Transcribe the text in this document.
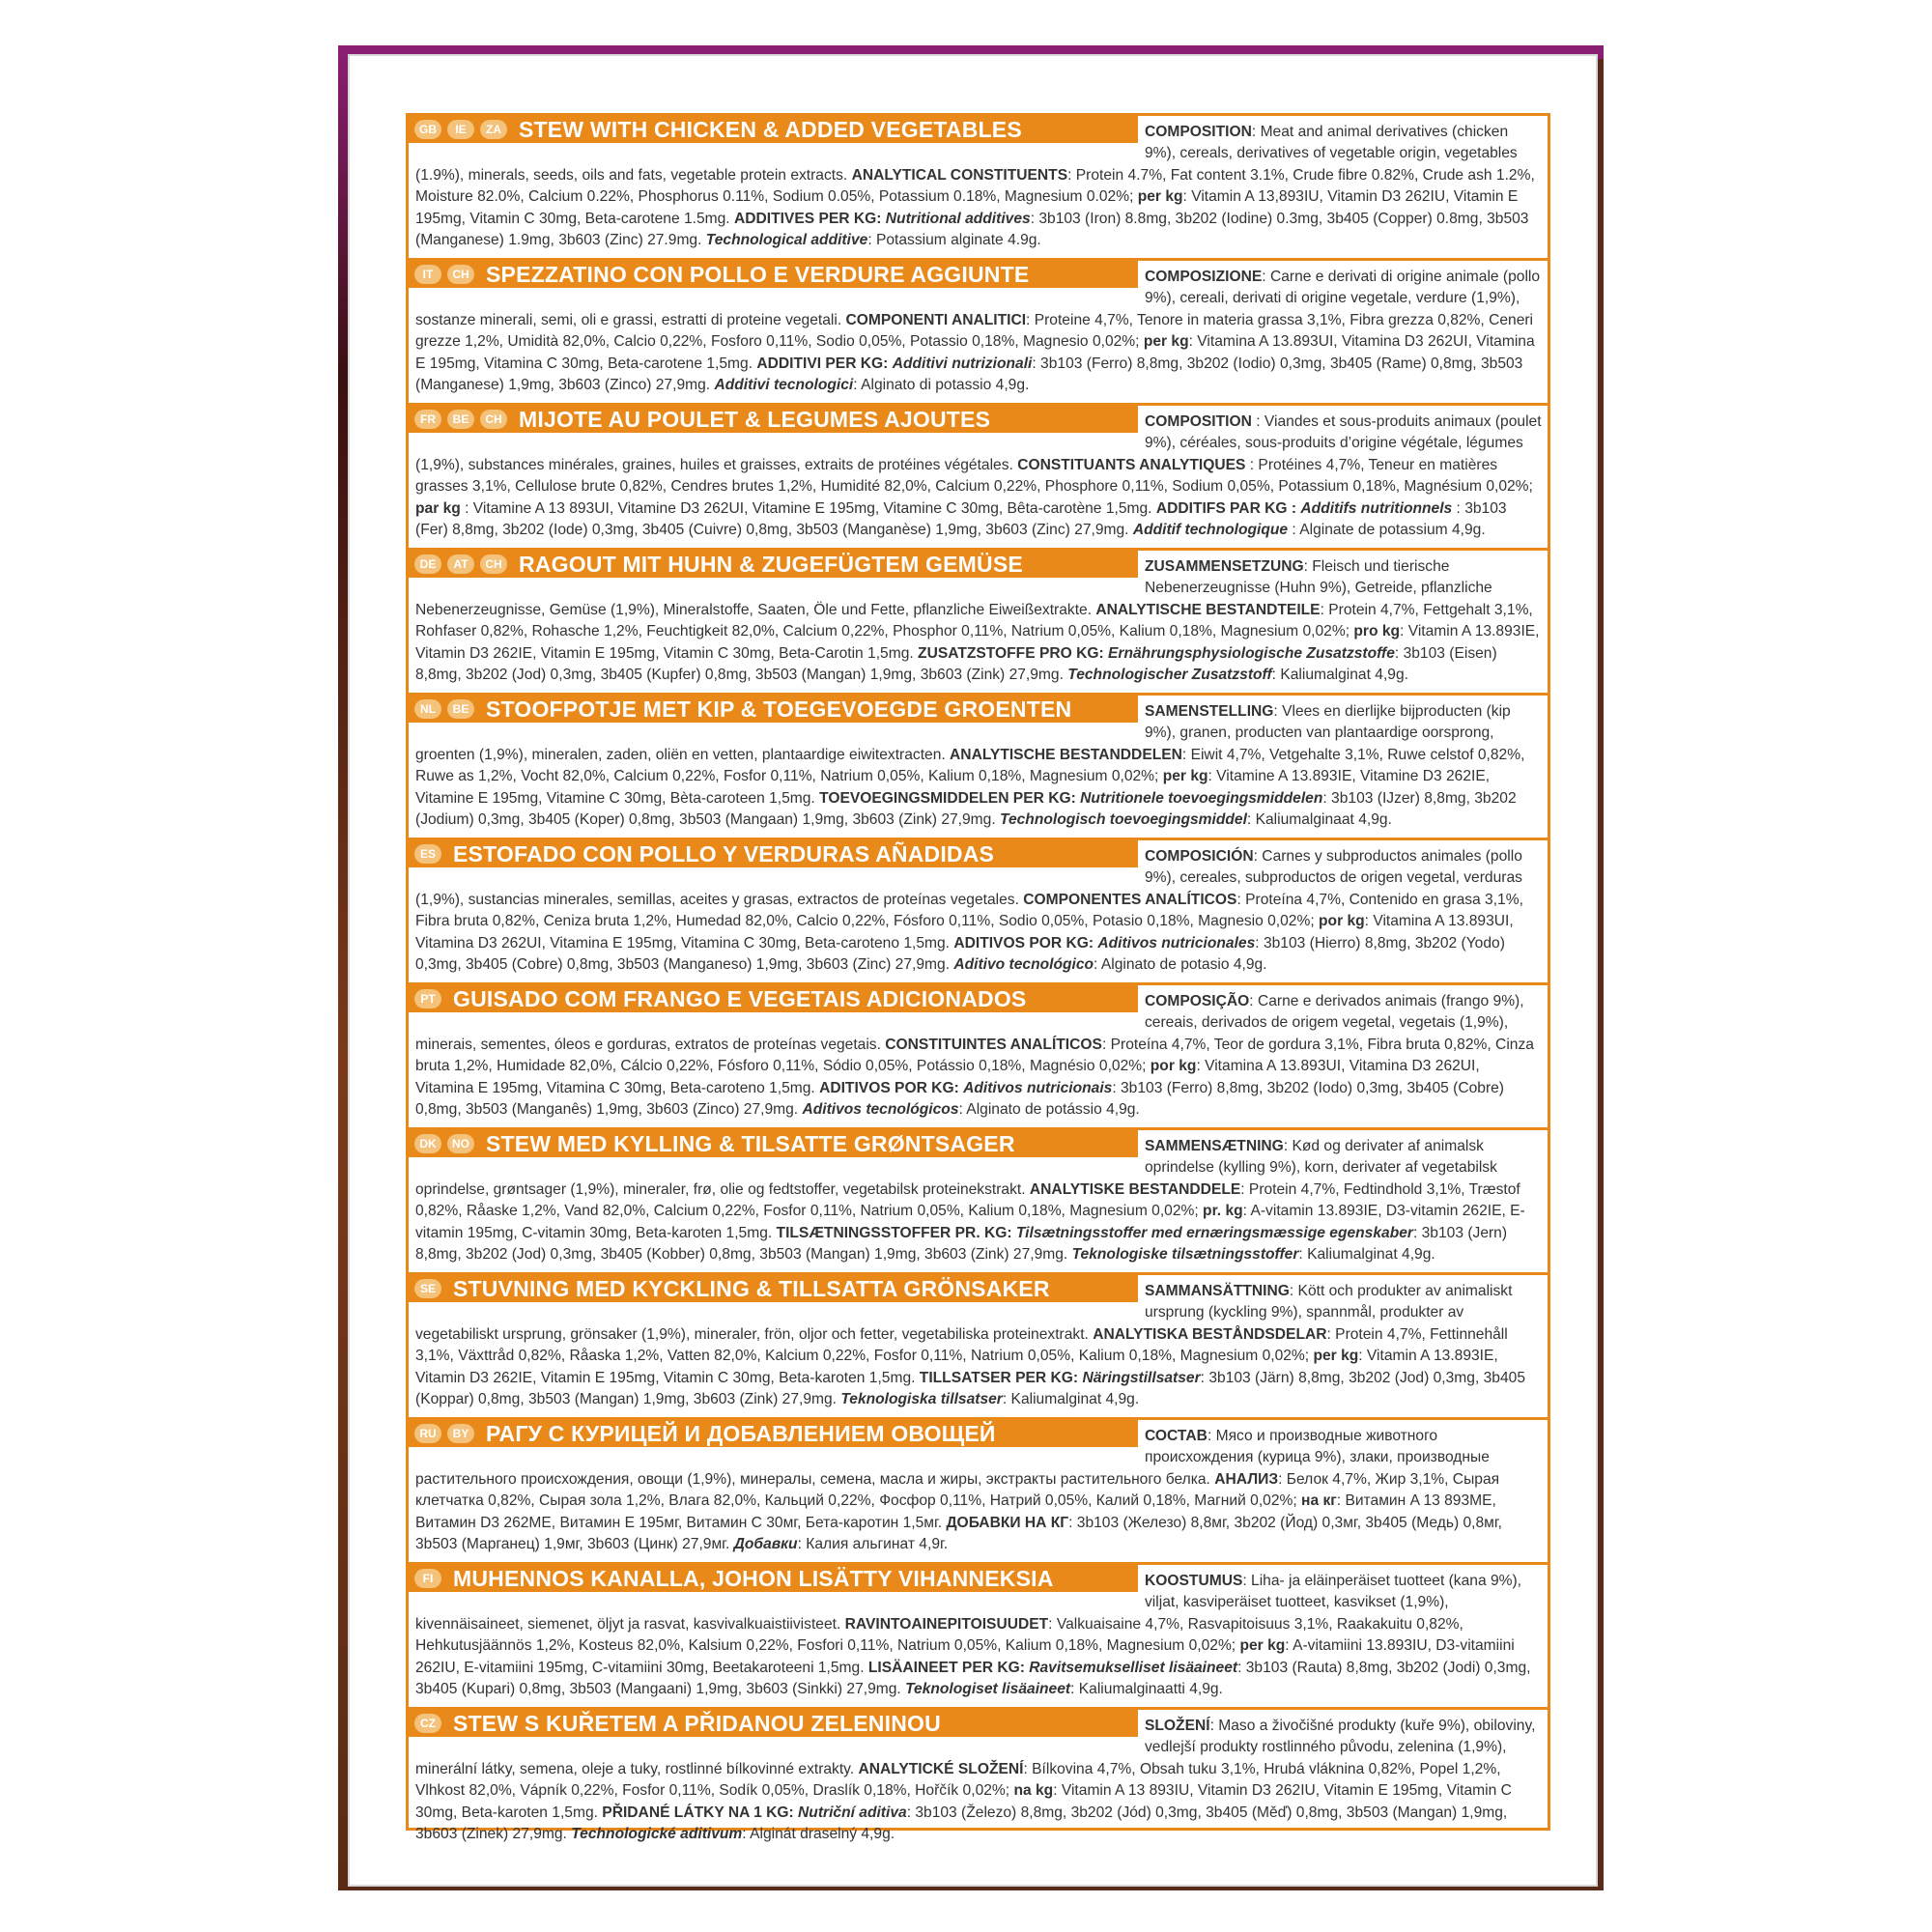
GB	IE	ZA STEW WITH CHICKEN & ADDED VEGETABLES	COMPOSITION: Meat and animal derivatives (chicken 9%), cereals, derivatives of vegetable origin, vegetables (1.9%), minerals, seeds, oils and fats, vegetable protein extracts. ANALYTICAL CONSTITUENTS: Protein 4.7%, Fat content 3.1%, Crude fibre 0.82%, Crude ash 1.2%, Moisture 82.0%, Calcium 0.22%, Phosphorus 0.11%, Sodium 0.05%, Potassium 0.18%, Magnesium 0.02%; per kg: Vitamin A 13,893IU, Vitamin D3 262IU, Vitamin E 195mg, Vitamin C 30mg, Beta-carotene 1.5mg. ADDITIVES PER KG: Nutritional additives: 3b103 (Iron) 8.8mg, 3b202 (Iodine) 0.3mg, 3b405 (Copper) 0.8mg, 3b503 (Manganese) 1.9mg, 3b603 (Zinc) 27.9mg. Technological additive: Potassium alginate 4.9g.
IT	CH SPEZZATINO CON POLLO E VERDURE AGGIUNTE	COMPOSIZIONE: Carne e derivati di origine animale (pollo 9%), cereali, derivati di origine vegetale, verdure (1,9%), sostanze minerali, semi, oli e grassi, estratti di proteine vegetali. COMPONENTI ANALITICI: Proteine 4,7%, Tenore in materia grassa 3,1%, Fibra grezza 0,82%, Ceneri grezze 1,2%, Umidità 82,0%, Calcio 0,22%, Fosforo 0,11%, Sodio 0,05%, Potassio 0,18%, Magnesio 0,02%; per kg: Vitamina A 13.893UI, Vitamina D3 262UI, Vitamina E 195mg, Vitamina C 30mg, Beta-carotene 1,5mg. ADDITIVI PER KG: Additivi nutrizionali: 3b103 (Ferro) 8,8mg, 3b202 (Iodio) 0,3mg, 3b405 (Rame) 0,8mg, 3b503 (Manganese) 1,9mg, 3b603 (Zinco) 27,9mg. Additivi tecnologici: Alginato di potassio 4,9g.
FR	BE	CH MIJOTE AU POULET & LEGUMES AJOUTES	COMPOSITION : Viandes et sous-produits animaux (poulet 9%), céréales, sous-produits d’origine végétale, légumes (1,9%), substances minérales, graines, huiles et graisses, extraits de protéines végétales. CONSTITUANTS ANALYTIQUES : Protéines 4,7%, Teneur en matières grasses 3,1%, Cellulose brute 0,82%, Cendres brutes 1,2%, Humidité 82,0%, Calcium 0,22%, Phosphore 0,11%, Sodium 0,05%, Potassium 0,18%, Magnésium 0,02%; par kg : Vitamine A 13 893UI, Vitamine D3 262UI, Vitamine E 195mg, Vitamine C 30mg, Bêta-carotène 1,5mg. ADDITIFS PAR KG : Additifs nutritionnels : 3b103 (Fer) 8,8mg, 3b202 (Iode) 0,3mg, 3b405 (Cuivre) 0,8mg, 3b503 (Manganèse) 1,9mg, 3b603 (Zinc) 27,9mg. Additif technologique : Alginate de potassium 4,9g.
DE	AT	CH RAGOUT MIT HUHN & ZUGEFÜGTEM GEMÜSE	ZUSAMMENSETZUNG: Fleisch und tierische Nebenerzeugnisse (Huhn 9%), Getreide, pflanzliche Nebenerzeugnisse, Gemüse (1,9%), Mineralstoffe, Saaten, Öle und Fette, pflanzliche Eiweißextrakte. ANALYTISCHE BESTANDTEILE: Protein 4,7%, Fettgehalt 3,1%, Rohfaser 0,82%, Rohasche 1,2%, Feuchtigkeit 82,0%, Calcium 0,22%, Phosphor 0,11%, Natrium 0,05%, Kalium 0,18%, Magnesium 0,02%; pro kg: Vitamin A 13.893IE, Vitamin D3 262IE, Vitamin E 195mg, Vitamin C 30mg, Beta-Carotin 1,5mg. ZUSATZSTOFFE PRO KG: Ernährungsphysiologische Zusatzstoffe: 3b103 (Eisen) 8,8mg, 3b202 (Jod) 0,3mg, 3b405 (Kupfer) 0,8mg, 3b503 (Mangan) 1,9mg, 3b603 (Zink) 27,9mg. Technologischer Zusatzstoff: Kaliumalginat 4,9g.
NL	BE STOOFPOTJE MET KIP & TOEGEVOEGDE GROENTEN	SAMENSTELLING: Vlees en dierlijke bijproducten (kip 9%), granen, producten van plantaardige oorsprong, groenten (1,9%), mineralen, zaden, oliën en vetten, plantaardige eiwitextracten. ANALYTISCHE BESTANDDELEN: Eiwit 4,7%, Vetgehalte 3,1%, Ruwe celstof 0,82%, Ruwe as 1,2%, Vocht 82,0%, Calcium 0,22%, Fosfor 0,11%, Natrium 0,05%, Kalium 0,18%, Magnesium 0,02%; per kg: Vitamine A 13.893IE, Vitamine D3 262IE, Vitamine E 195mg, Vitamine C 30mg, Bèta-caroteen 1,5mg. TOEVOEGINGSMIDDELEN PER KG: Nutritionele toevoegingsmiddelen: 3b103 (IJzer) 8,8mg, 3b202 (Jodium) 0,3mg, 3b405 (Koper) 0,8mg, 3b503 (Mangaan) 1,9mg, 3b603 (Zink) 27,9mg. Technologisch toevoegingsmiddel: Kaliumalginaat 4,9g.
ES ESTOFADO CON POLLO Y VERDURAS AÑADIDAS	COMPOSICIÓN: Carnes y subproductos animales (pollo 9%), cereales, subproductos de origen vegetal, verduras (1,9%), sustancias minerales, semillas, aceites y grasas, extractos de proteínas vegetales. COMPONENTES ANALÍTICOS: Proteína 4,7%, Contenido en grasa 3,1%, Fibra bruta 0,82%, Ceniza bruta 1,2%, Humedad 82,0%, Calcio 0,22%, Fósforo 0,11%, Sodio 0,05%, Potasio 0,18%, Magnesio 0,02%; por kg: Vitamina A 13.893UI, Vitamina D3 262UI, Vitamina E 195mg, Vitamina C 30mg, Beta-caroteno 1,5mg. ADITIVOS POR KG: Aditivos nutricionales: 3b103 (Hierro) 8,8mg, 3b202 (Yodo) 0,3mg, 3b405 (Cobre) 0,8mg, 3b503 (Manganeso) 1,9mg, 3b603 (Zinc) 27,9mg. Aditivo tecnológico: Alginato de potasio 4,9g.
PT GUISADO COM FRANGO E VEGETAIS ADICIONADOS	COMPOSIÇÃO: Carne e derivados animais (frango 9%), cereais, derivados de origem vegetal, vegetais (1,9%), minerais, sementes, óleos e gorduras, extratos de proteínas vegetais. CONSTITUINTES ANALÍTICOS: Proteína 4,7%, Teor de gordura 3,1%, Fibra bruta 0,82%, Cinza bruta 1,2%, Humidade 82,0%, Cálcio 0,22%, Fósforo 0,11%, Sódio 0,05%, Potássio 0,18%, Magnésio 0,02%; por kg: Vitamina A 13.893UI, Vitamina D3 262UI, Vitamina E 195mg, Vitamina C 30mg, Beta-caroteno 1,5mg. ADITIVOS POR KG: Aditivos nutricionais: 3b103 (Ferro) 8,8mg, 3b202 (Iodo) 0,3mg, 3b405 (Cobre) 0,8mg, 3b503 (Manganês) 1,9mg, 3b603 (Zinco) 27,9mg. Aditivos tecnológicos: Alginato de potássio 4,9g.
DK	NO STEW MED KYLLING & TILSATTE GRØNTSAGER	SAMMENSÆTNING: Kød og derivater af animalsk oprindelse (kylling 9%), korn, derivater af vegetabilsk oprindelse, grøntsager (1,9%), mineraler, frø, olie og fedtstoffer, vegetabilsk proteinekstrakt. ANALYTISKE BESTANDDELE: Protein 4,7%, Fedtindhold 3,1%, Træstof 0,82%, Råaske 1,2%, Vand 82,0%, Calcium 0,22%, Fosfor 0,11%, Natrium 0,05%, Kalium 0,18%, Magnesium 0,02%; pr. kg: A-vitamin 13.893IE, D3-vitamin 262IE, E-vitamin 195mg, C-vitamin 30mg, Beta-karoten 1,5mg. TILSÆTNINGSSTOFFER PR. KG: Tilsætningsstoffer med ernæringsmæssige egenskaber: 3b103 (Jern) 8,8mg, 3b202 (Jod) 0,3mg, 3b405 (Kobber) 0,8mg, 3b503 (Mangan) 1,9mg, 3b603 (Zink) 27,9mg. Teknologiske tilsætningsstoffer: Kaliumalginat 4,9g.
SE STUVNING MED KYCKLING & TILLSATTA GRÖNSAKER	SAMMANSÄTTNING: Kött och produkter av animaliskt ursprung (kyckling 9%), spannmål, produkter av vegetabiliskt ursprung, grönsaker (1,9%), mineraler, frön, oljor och fetter, vegetabiliska proteinextrakt. ANALYTISKA BESTÅNDSDELAR: Protein 4,7%, Fettinnehåll 3,1%, Växttråd 0,82%, Råaska 1,2%, Vatten 82,0%, Kalcium 0,22%, Fosfor 0,11%, Natrium 0,05%, Kalium 0,18%, Magnesium 0,02%; per kg: Vitamin A 13.893IE, Vitamin D3 262IE, Vitamin E 195mg, Vitamin C 30mg, Beta-karoten 1,5mg. TILLSATSER PER KG: Näringstillsatser: 3b103 (Järn) 8,8mg, 3b202 (Jod) 0,3mg, 3b405 (Koppar) 0,8mg, 3b503 (Mangan) 1,9mg, 3b603 (Zink) 27,9mg. Teknologiska tillsatser: Kaliumalginat 4,9g.
RU	BY РАГУ С КУРИЦЕЙ И ДОБАВЛЕНИЕМ ОВОЩЕЙ	СОСТАВ: Мясо и производные животного происхождения (курица 9%), злаки, производные растительного происхождения, овощи (1,9%), минералы, семена, масла и жиры, экстракты растительного белка. АНАЛИЗ: Белок 4,7%, Жир 3,1%, Сырая клетчатка 0,82%, Сырая зола 1,2%, Влага 82,0%, Кальций 0,22%, Фосфор 0,11%, Натрий 0,05%, Калий 0,18%, Магний 0,02%; на кг: Витамин A 13 893МЕ, Витамин D3 262МЕ, Витамин E 195мг, Витамин C 30мг, Бета-каротин 1,5мг. ДОБАВКИ НА КГ: 3b103 (Железо) 8,8мг, 3b202 (Йод) 0,3мг, 3b405 (Медь) 0,8мг, 3b503 (Марганец) 1,9мг, 3b603 (Цинк) 27,9мг. Добавки: Калия альгинат 4,9г.
FI MUHENNOS KANALLA, JOHON LISÄTTY VIHANNEKSIA	KOOSTUMUS: Liha- ja eläinperäiset tuotteet (kana 9%), viljat, kasviperäiset tuotteet, kasvikset (1,9%), kivennäisaineet, siemenet, öljyt ja rasvat, kasvivalkuaistiivisteet. RAVINTOAINEPITOISUUDET: Valkuaisaine 4,7%, Rasvapitoisuus 3,1%, Raakakuitu 0,82%, Hehkutusjäännös 1,2%, Kosteus 82,0%, Kalsium 0,22%, Fosfori 0,11%, Natrium 0,05%, Kalium 0,18%, Magnesium 0,02%; per kg: A-vitamiini 13.893IU, D3-vitamiini 262IU, E-vitamiini 195mg, C-vitamiini 30mg, Beetakaroteeni 1,5mg. LISÄAINEET PER KG: Ravitsemukselliset lisäaineet: 3b103 (Rauta) 8,8mg, 3b202 (Jodi) 0,3mg, 3b405 (Kupari) 0,8mg, 3b503 (Mangaani) 1,9mg, 3b603 (Sinkki) 27,9mg. Teknologiset lisäaineet: Kaliumalginaatti 4,9g.
CZ STEW S KUŘETEM A PŘIDANOU ZELENINOU	SLOŽENÍ: Maso a živočišné produkty (kuře 9%), obiloviny, vedlejší produkty rostlinného původu, zelenina (1,9%), minerální látky, semena, oleje a tuky, rostlinné bílkovinné extrakty. ANALYTICKÉ SLOŽENÍ: Bílkovina 4,7%, Obsah tuku 3,1%, Hrubá vláknina 0,82%, Popel 1,2%, Vlhkost 82,0%, Vápník 0,22%, Fosfor 0,11%, Sodík 0,05%, Draslík 0,18%, Hořčík 0,02%; na kg: Vitamin A 13 893IU, Vitamin D3 262IU, Vitamin E 195mg, Vitamin C 30mg, Beta-karoten 1,5mg. PŘIDANÉ LÁTKY NA 1 KG: Nutriční aditiva: 3b103 (Železo) 8,8mg, 3b202 (Jód) 0,3mg, 3b405 (Měď) 0,8mg, 3b503 (Mangan) 1,9mg, 3b603 (Zinek) 27,9mg. Technologické aditivum: Alginát draselný 4,9g.
